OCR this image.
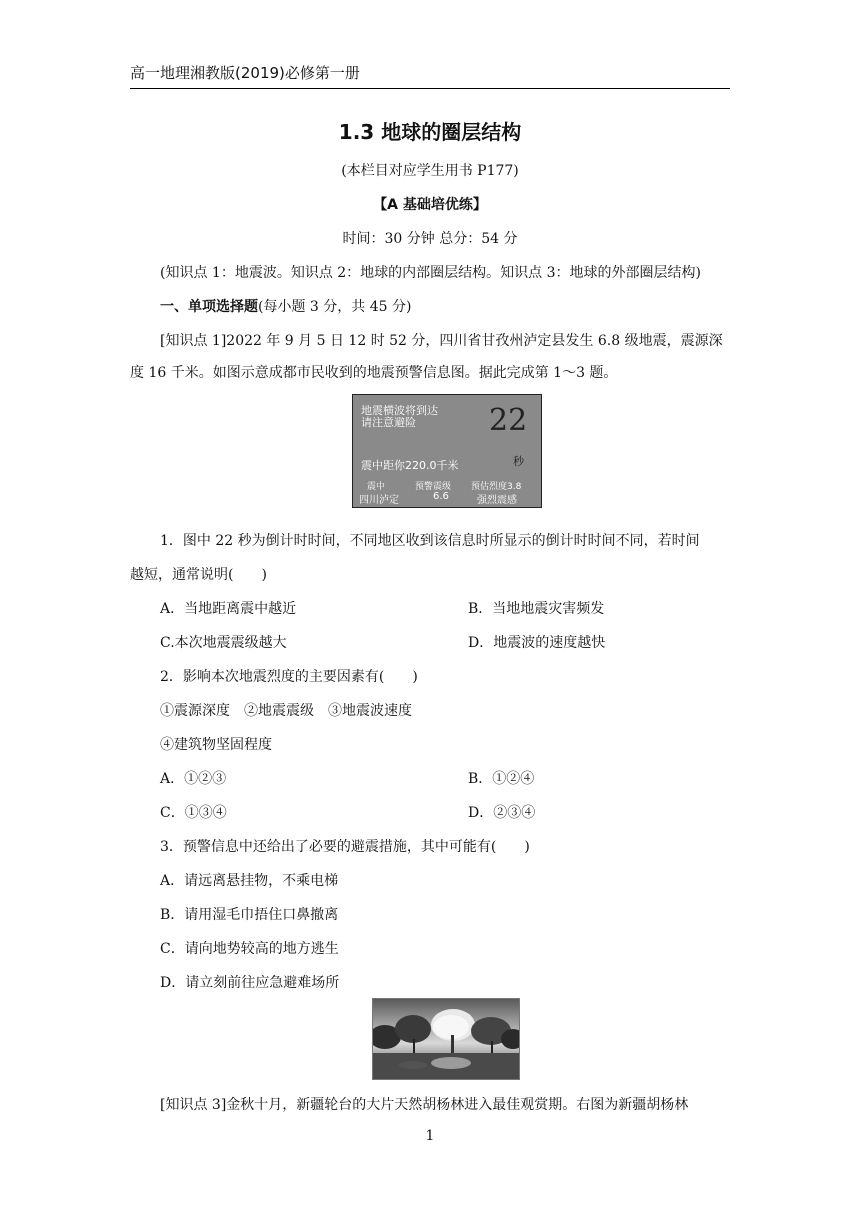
高一地理湘教版(2019)必修第一册
1.3 地球的圈层结构
(本栏目对应学生用书 P177)
【A 基础培优练】
时间：30 分钟 总分：54 分
(知识点 1：地震波。知识点 2：地球的内部圈层结构。知识点 3：地球的外部圈层结构)
一、单项选择题(每小题 3 分，共 45 分)
[知识点 1]2022 年 9 月 5 日 12 时 52 分，四川省甘孜州泸定县发生 6.8 级地震，震源深
度 16 千米。如图示意成都市民收到的地震预警信息图。据此完成第 1～3 题。
地震横波将到达
请注意避险	22
震中距你220.0千米	秒
震中	预警震级 预估烈度3.8
四川泸定	6.6	强烈震感
1．图中 22 秒为倒计时时间，不同地区收到该信息时所显示的倒计时时间不同，若时间
越短，通常说明(　　)
A．当地距离震中越近	B．当地地震灾害频发
C.本次地震震级越大	D．地震波的速度越快
2．影响本次地震烈度的主要因素有(　　)
①震源深度　②地震震级　③地震波速度
④建筑物坚固程度
A．①②③	B．①②④
C．①③④	D．②③④
3．预警信息中还给出了必要的避震措施，其中可能有(　　)
A．请远离悬挂物，不乘电梯
B．请用湿毛巾捂住口鼻撤离
C．请向地势较高的地方逃生
D．请立刻前往应急避难场所
[知识点 3]金秋十月，新疆轮台的大片天然胡杨林进入最佳观赏期。右图为新疆胡杨林
1
